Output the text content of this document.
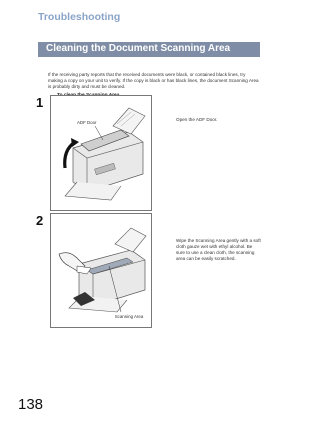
Troubleshooting
Cleaning the Document Scanning Area
If the receiving party reports that the received documents were black, or contained black lines, try making a copy on your unit to verify. If the copy is black or has black lines, the document Scanning Area is probably dirty and must be cleaned.
1
ADF Door
Open the ADF Door.
2
Scanning Area
Wipe the Scanning Area gently with a soft cloth gauze wet with ethyl alcohol. Be sure to use a clean cloth, the scanning area can be easily scratched.
138
